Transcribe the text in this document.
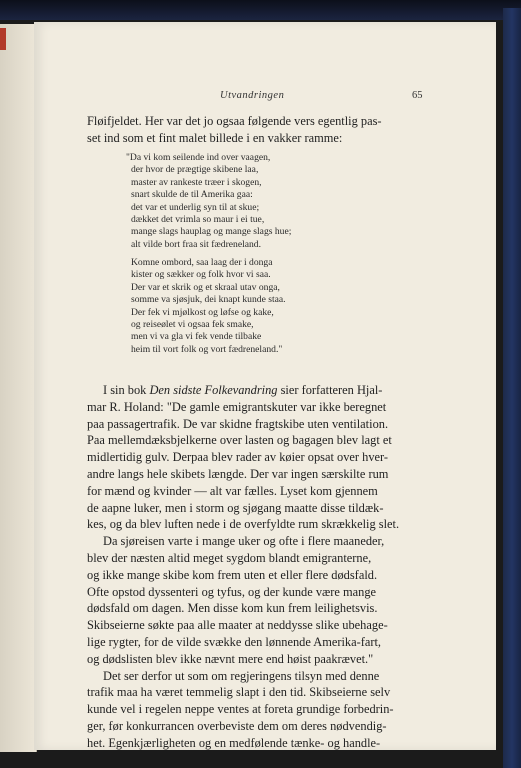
Utvandringen	65
Fløifjeldet. Her var det jo ogsaa følgende vers egentlig pas-
set ind som et fint malet billede i en vakker ramme:
"Da vi kom seilende ind over vaagen,
der hvor de prægtige skibene laa,
master av rankeste træer i skogen,
snart skulde de til Amerika gaa:
det var et underlig syn til at skue;
dækket det vrimla so maur i ei tue,
mange slags hauplag og mange slags hue;
alt vilde bort fraa sit fædreneland.
Komne ombord, saa laag der i donga
kister og sækker og folk hvor vi saa.
Der var et skrik og et skraal utav onga,
somme va sjøsjuk, dei knapt kunde staa.
Der fek vi mjølkost og løfse og kake,
og reiseølet vi ogsaa fek smake,
men vi va gla vi fek vende tilbake
heim til vort folk og vort fædreneland."
I sin bok Den sidste Folkevandring sier forfatteren Hjal-
mar R. Holand: "De gamle emigrantskuter var ikke beregnet
paa passagertrafik. De var skidne fragtskibe uten ventilation.
Paa mellemdæksbjelkerne over lasten og bagagen blev lagt et
midlertidig gulv. Derpaa blev rader av køier opsat over hver-
andre langs hele skibets længde. Der var ingen særskilte rum
for mænd og kvinder — alt var fælles. Lyset kom gjennem
de aapne luker, men i storm og sjøgang maatte disse tildæk-
kes, og da blev luften nede i de overfyldte rum skrækkelig slet.
Da sjøreisen varte i mange uker og ofte i flere maaneder,
blev der næsten altid meget sygdom blandt emigranterne,
og ikke mange skibe kom frem uten et eller flere dødsfald.
Ofte opstod dyssenteri og tyfus, og der kunde være mange
dødsfald om dagen. Men disse kom kun frem leilighetsvis.
Skibseierne søkte paa alle maater at neddysse slike ubehage-
lige rygter, for de vilde svække den lønnende Amerika-fart,
og dødslisten blev ikke nævnt mere end høist paakrævet."
Det ser derfor ut som om regjeringens tilsyn med denne
trafik maa ha været temmelig slapt i den tid. Skibseierne selv
kunde vel i regelen neppe ventes at foreta grundige forbedrin-
ger, før konkurrancen overbeviste dem om deres nødvendig-
het. Egenkjærligheten og en medfølende tænke- og handle-
